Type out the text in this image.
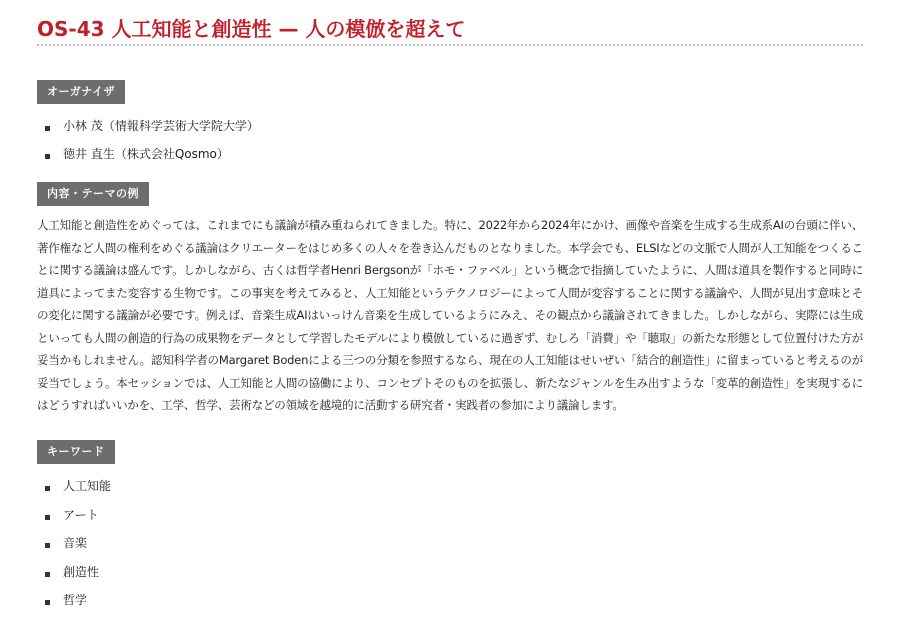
OS-43 人工知能と創造性 — 人の模倣を超えて
オーガナイザ
小林 茂（情報科学芸術大学院大学）
徳井 直生（株式会社Qosmo）
内容・テーマの例

人工知能と創造性をめぐっては、これまでにも議論が積み重ねられてきました。特に、2022年から2024年にかけ、画像や音楽を生成する生成系AIの台頭に伴い、著作権など人間の権利をめぐる議論はクリエーターをはじめ多くの人々を巻き込んだものとなりました。本学会でも、ELSIなどの文脈で人間が人工知能をつくることに関する議論は盛んです。しかしながら、古くは哲学者Henri Bergsonが「ホモ・ファベル」という概念で指摘していたように、人間は道具を製作すると同時に道具によってまた変容する生物です。この事実を考えてみると、人工知能というテクノロジーによって人間が変容することに関する議論や、人間が見出す意味とその変化に関する議論が必要です。例えば、音楽生成AIはいっけん音楽を生成しているようにみえ、その観点から議論されてきました。しかしながら、実際には生成といっても人間の創造的行為の成果物をデータとして学習したモデルにより模倣しているに過ぎず、むしろ「消費」や「聴取」の新たな形態として位置付けた方が妥当かもしれません。認知科学者のMargaret Bodenによる三つの分類を参照するなら、現在の人工知能はせいぜい「結合的創造性」に留まっていると考えるのが妥当でしょう。本セッションでは、人工知能と人間の協働により、コンセプトそのものを拡張し、新たなジャンルを生み出すような「変革的創造性」を実現するにはどうすればいいかを、工学、哲学、芸術などの領域を越境的に活動する研究者・実践者の参加により議論します。

キーワード
人工知能
アート
音楽
創造性
哲学
